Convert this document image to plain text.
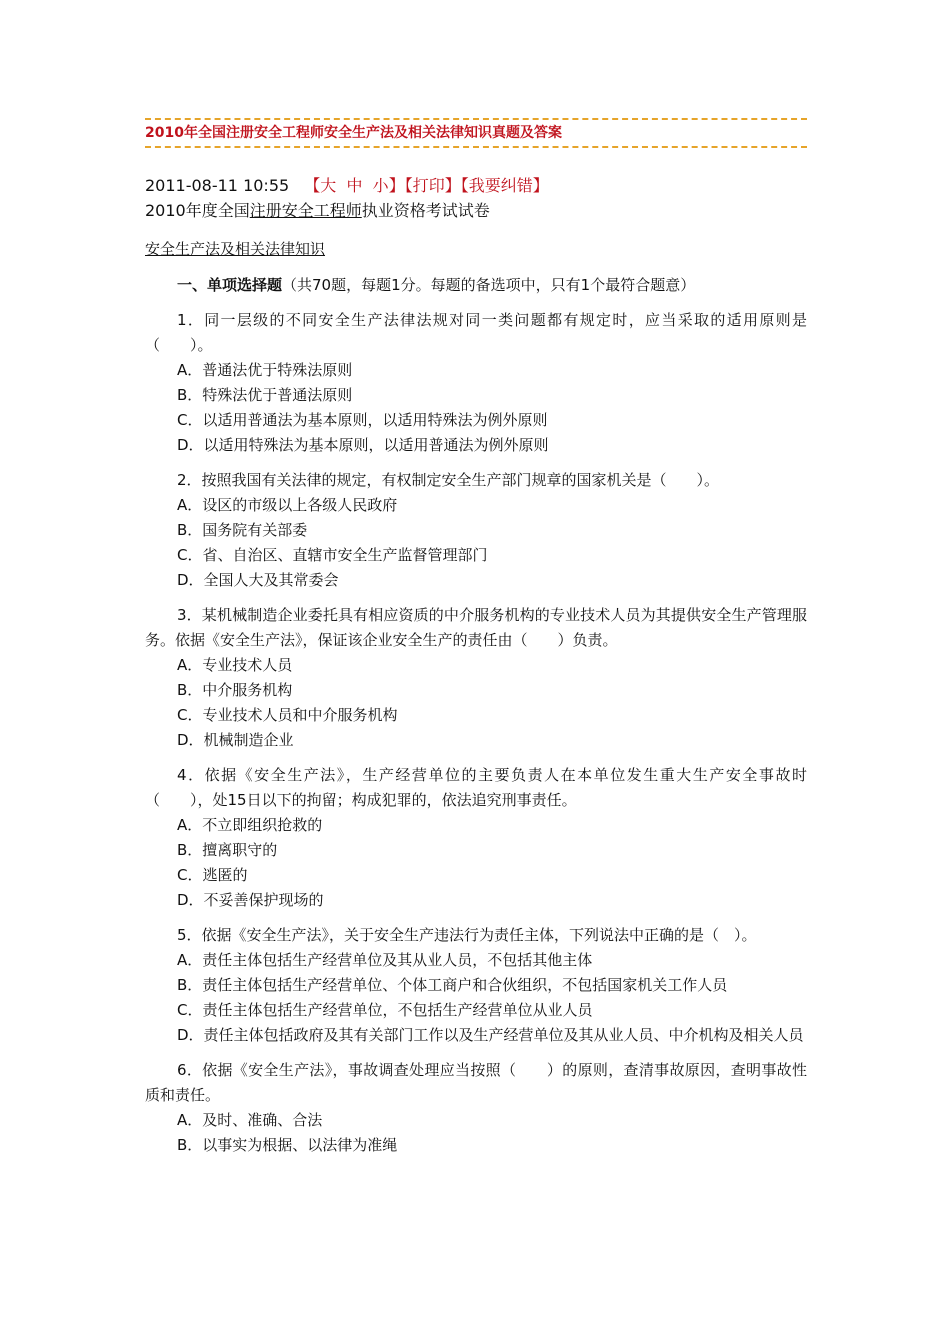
2010年全国注册安全工程师安全生产法及相关法律知识真题及答案
2011-08-11 10:55 【大 中 小】【打印】【我要纠错】
2010年度全国注册安全工程师执业资格考试试卷
安全生产法及相关法律知识
一、单项选择题（共70题，每题1分。每题的备选项中，只有1个最符合题意）
1．同一层级的不同安全生产法律法规对同一类问题都有规定时，应当采取的适用原则是（　　）。
A．普通法优于特殊法原则
B．特殊法优于普通法原则
C．以适用普通法为基本原则，以适用特殊法为例外原则
D．以适用特殊法为基本原则，以适用普通法为例外原则
2．按照我国有关法律的规定，有权制定安全生产部门规章的国家机关是（　　）。
A．设区的市级以上各级人民政府
B．国务院有关部委
C．省、自治区、直辖市安全生产监督管理部门
D．全国人大及其常委会
3．某机械制造企业委托具有相应资质的中介服务机构的专业技术人员为其提供安全生产管理服务。依据《安全生产法》，保证该企业安全生产的责任由（　　）负责。
A．专业技术人员
B．中介服务机构
C．专业技术人员和中介服务机构
D．机械制造企业
4．依据《安全生产法》，生产经营单位的主要负责人在本单位发生重大生产安全事故时（　　），处15日以下的拘留；构成犯罪的，依法追究刑事责任。
A．不立即组织抢救的
B．擅离职守的
C．逃匿的
D．不妥善保护现场的
5．依据《安全生产法》，关于安全生产违法行为责任主体，下列说法中正确的是（　）。
A．责任主体包括生产经营单位及其从业人员，不包括其他主体
B．责任主体包括生产经营单位、个体工商户和合伙组织，不包括国家机关工作人员
C．责任主体包括生产经营单位，不包括生产经营单位从业人员
D．责任主体包括政府及其有关部门工作以及生产经营单位及其从业人员、中介机构及相关人员
6．依据《安全生产法》，事故调查处理应当按照（　　）的原则，查清事故原因，查明事故性质和责任。
A．及时、准确、合法
B．以事实为根据、以法律为准绳
